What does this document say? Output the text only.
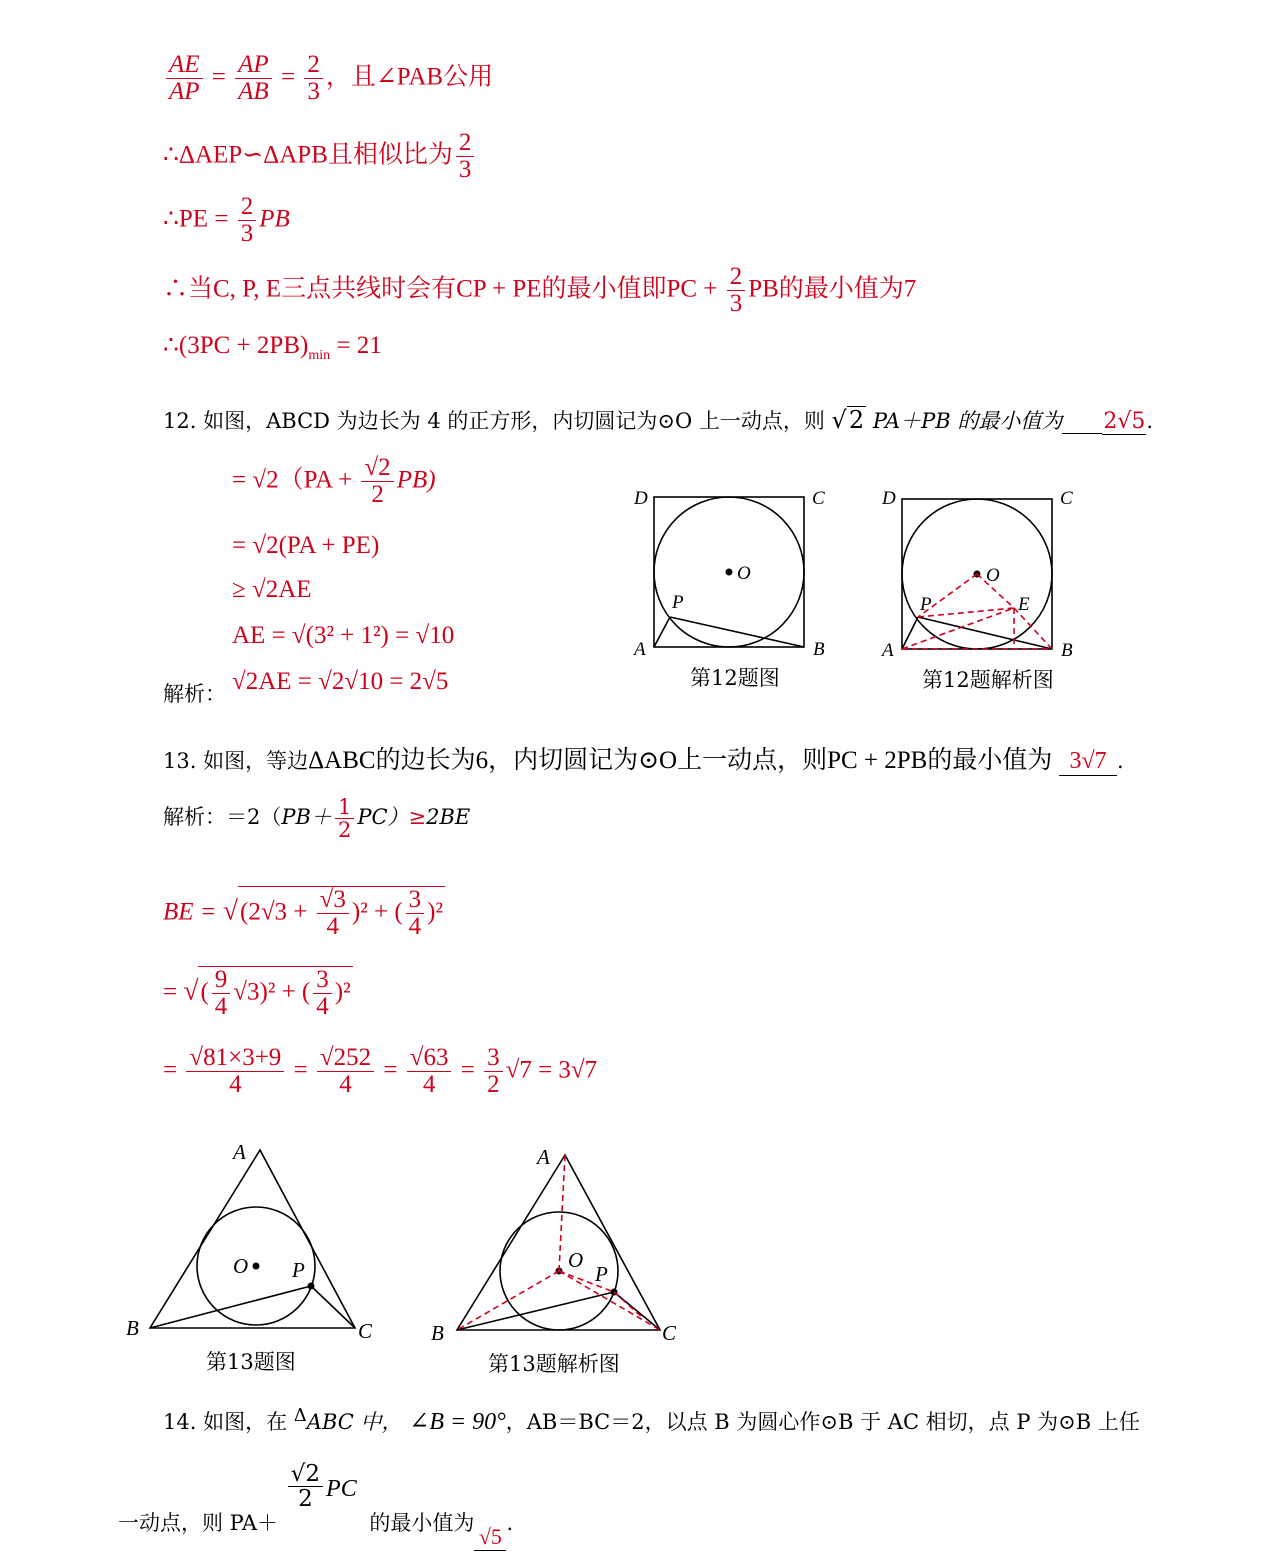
$\frac{AE}{AP} = \frac{AP}{AB} = \frac{2}{3}$ ，且∠PAB公用
∴ΔAEP∽ΔAPB且相似比为 $\frac{2}{3}$
∴PE = $\frac{2}{3}$ PB
∴当C, P, E三点共线时会有CP + PE的最小值即PC + $\frac{2}{3}$ PB的最小值为7
∴(3PC + $2PB)_{min} = 21$
12. 如图，ABCD 为边长为 4 的正方形，内切圆记为⊙O 上一动点，则 √2 PA＋PB 的最小值为 2√5.
= $√2(PA + \frac{√2}{2} PB)$
= √2(PA + PE)
≥ √2AE
AE = √(3² + 1²) = √10
解析： √2AE = √2√10 = 2√5
D	C
A	B
O
P
第12题图
D	C
A	B
O
P	E
第12题解析图
13. 如图，等边ΔABC的边长为6，内切圆记为⊙O上一动点，则PC + 2PB的最小值为 3√7 .
解析：$=2(PB+ \frac{1}{2} PC)\ge 2BE$
BE = $√(2√3 + \frac{√3}{4} )^2$ + ( $\frac{3}{4} )^2$
= √( $\frac{9}{4} √3)^2$ + ( $\frac{3}{4} )^2$
= $\frac{√81\times 3+9}{4} = \frac{√252}{4} = \frac{√63}{4} = \frac{3}{2} √7 = 3√7$
A
B	C
O P
第13题图
A
B	C
O
P
第13题解析图
14. 如图，在 ΔABC 中， ∠B = 90°，AB＝BC＝2，以点 B 为圆心作⊙B 于 AC 相切，点 P 为⊙B 上任
一动点，则 PA＋
$\frac{√2}{2}$ PC 的最小值为√5.
